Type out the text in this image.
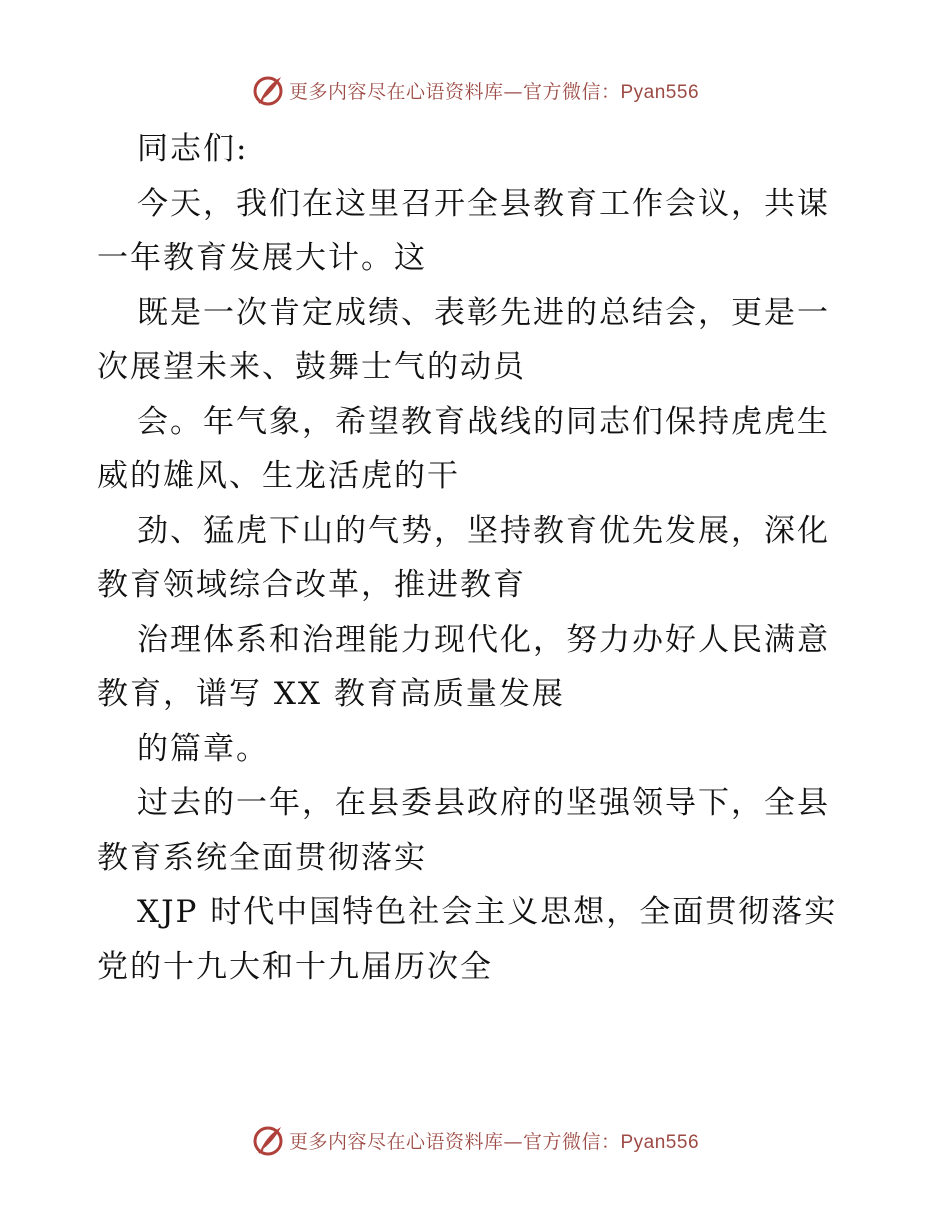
更多内容尽在心语资料库—官方微信：Pyan556
同志们:
今天，我们在这里召开全县教育工作会议，共谋
一年教育发展大计。这
既是一次肯定成绩、表彰先进的总结会，更是一
次展望未来、鼓舞士气的动员
会。年气象，希望教育战线的同志们保持虎虎生
威的雄风、生龙活虎的干
劲、猛虎下山的气势，坚持教育优先发展，深化
教育领域综合改革，推进教育
治理体系和治理能力现代化，努力办好人民满意
教育，谱写 XX 教育高质量发展
的篇章。
过去的一年，在县委县政府的坚强领导下，全县
教育系统全面贯彻落实
XJP 时代中国特色社会主义思想，全面贯彻落实
党的十九大和十九届历次全
更多内容尽在心语资料库—官方微信：Pyan556
